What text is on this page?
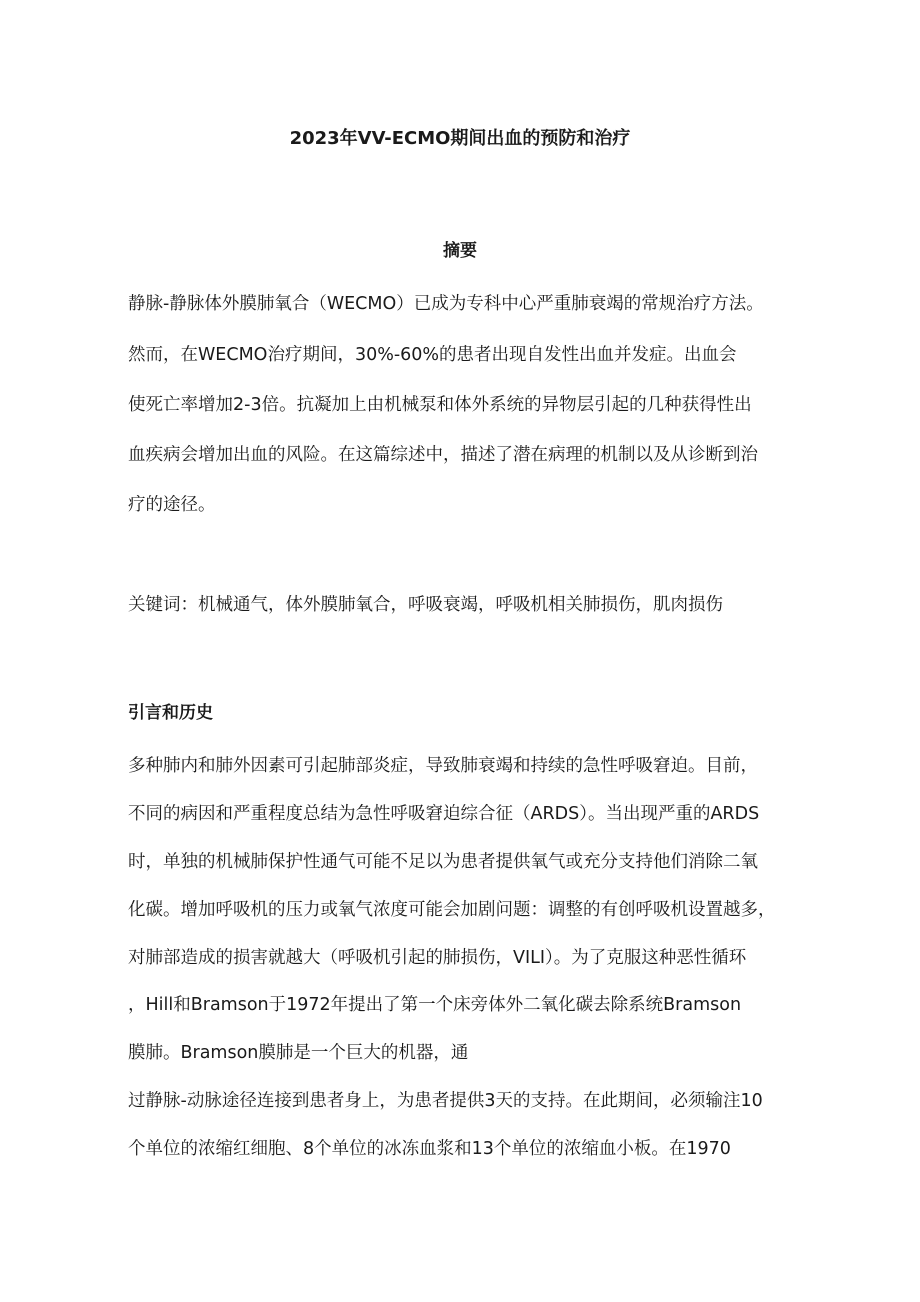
2023年VV-ECMO期间出血的预防和治疗
摘要
静脉-静脉体外膜肺氧合（WECMO）已成为专科中心严重肺衰竭的常规治疗方法。
然而，在WECMO治疗期间，30%-60%的患者出现自发性出血并发症。出血会
使死亡率增加2-3倍。抗凝加上由机械泵和体外系统的异物层引起的几种获得性出
血疾病会增加出血的风险。在这篇综述中，描述了潜在病理的机制以及从诊断到治
疗的途径。
关键词：机械通气，体外膜肺氧合，呼吸衰竭，呼吸机相关肺损伤，肌肉损伤
引言和历史
多种肺内和肺外因素可引起肺部炎症，导致肺衰竭和持续的急性呼吸窘迫。目前，
不同的病因和严重程度总结为急性呼吸窘迫综合征（ARDS）。当出现严重的ARDS
时，单独的机械肺保护性通气可能不足以为患者提供氧气或充分支持他们消除二氧
化碳。增加呼吸机的压力或氧气浓度可能会加剧问题：调整的有创呼吸机设置越多，
对肺部造成的损害就越大（呼吸机引起的肺损伤，VILI）。为了克服这种恶性循环
，Hill和Bramson于1972年提出了第一个床旁体外二氧化碳去除系统Bramson
膜肺。Bramson膜肺是一个巨大的机器，通
过静脉-动脉途径连接到患者身上，为患者提供3天的支持。在此期间，必须输注10
个单位的浓缩红细胞、8个单位的冰冻血浆和13个单位的浓缩血小板。在1970
